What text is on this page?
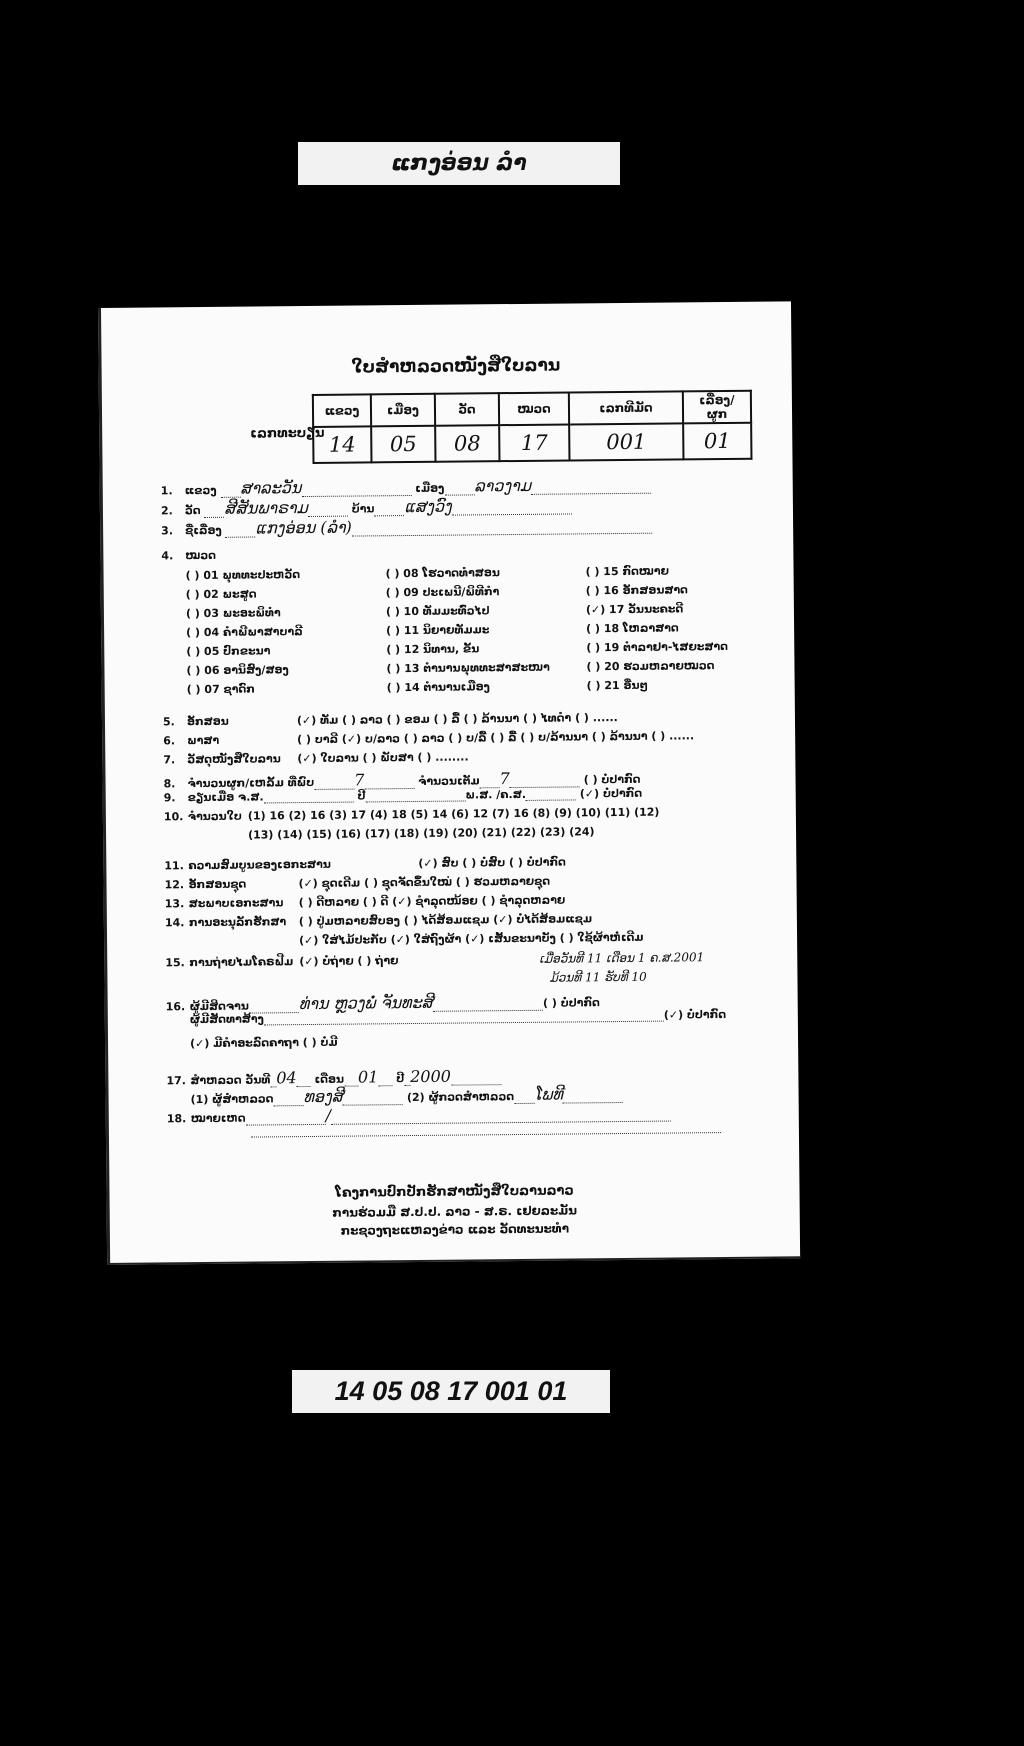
ແກງອ່ອນ ລຳ
ໃບສຳຫລວດໜັງສືໃບລານ
ເລກທະບຽນ
ແຂວງ	ເມືອງ	ວັດ	ໝວດ	ເລກທີມັດ	ເລື່ອງ/ຜູກ
14	05	08	17	001	01
1. ແຂວງ ສາລະວັນ	ເມືອງ ລາວງາມ
2. ວັດ ສີສັນພາຣາມ	ບ້ານ ແສງວົງ
3. ຊື່ເລື່ອງ ແກງອ່ອນ (ລຳ)
4. ໝວດ
( ) 01 ພຸທ​ທະປະຫວັດ
( ) 02 ພະສູດ
( ) 03 ພະອະພິທຳ
( ) 04 ຄຳພີພາສາບາລີ
( ) 05 ປົກຂະນາ
( ) 06 ອານິສົງ/ສອງ
( ) 07 ຊາດົກ
( ) 08 ໂຮວາດທຳສອນ
( ) 09 ປະເພນີ/ພິທີກຳ
( ) 10 ທັມມະທົ່ວໄປ
( ) 11 ນິຍາຍທັມມະ
( ) 12 ນິທານ, ຂັ້ນ
( ) 13 ຕຳນານພຸທທະສາສະໜາ
( ) 14 ຕຳນານເມືອງ
( ) 15 ກົດໝາຍ
( ) 16 ອັກສອນສາດ
(✓) 17 ວັນນະຄະດີ
( ) 18 ໂຫລາສາດ
( ) 19 ຕຳລາຢາ-ໄສຍະສາດ
( ) 20 ຮວມຫລາຍໝວດ
( ) 21 ອື່ນໆ
5. ອັກສອນ	(✓) ທັມ ( ) ລາວ ( ) ຂອມ ( ) ລື້ ( ) ລ້ານນາ ( ) ໄທດຳ ( ) ......
6. ພາສາ	( ) ບາລີ (✓) ບ/ລາວ ( ) ລາວ ( ) ບ/ລື້ ( ) ລື້ ( ) ບ/ລ້ານນາ ( ) ລ້ານນາ ( ) ......
7. ວັສດຸໜັງສືໃບລານ (✓) ໃບລານ ( ) ພັບສາ ( ) ........
8. ຈຳນວນຜູກ/ເຫລັ້ມ ທີ່ພົບ 7	ຈຳນວນເຕັມ 7	( ) ບໍ່ປາກົດ
9. ຂຽນເມື່ອ ຈ.ສ.	ປີ	ພ.ສ. /ຄ.ສ.	(✓) ບໍ່ປາກົດ
10. ຈຳນວນໃບ (1) 16 (2) 16 (3) 17 (4) 18 (5) 14 (6) 12 (7) 16 (8) (9) (10) (11) (12)
(13) (14) (15) (16) (17) (18) (19) (20) (21) (22) (23) (24)
11. ຄວາມສົມບູນຂອງເອກະສານ	(✓) ສົບ ( ) ບໍ່ສົບ ( ) ບໍ່ປາກົດ
12. ອັກສອນຊຸດ	(✓) ຊຸດເດີມ ( ) ຊຸດຈັດຂຶ້ນໃໝ່ ( ) ຮວມຫລາຍຊຸດ
13. ສະພາບເອກະສານ ( ) ດີຫລາຍ ( ) ດີ (✓) ຊຳລຸດໜ້ອຍ ( ) ຊຳລຸດຫລາຍ
14. ການອະນຸລັກຮັກສາ ( ) ປູ່ມຫລາຍສົບອງ ( ) ໄດ້ສ້ອມແຊມ (✓) ບໍ່ໄດ້ສ້ອມແຊມ
(✓) ໃສ່ໄມ້ປະກັບ (✓) ໃສ່ຖົງຜ້າ (✓) ເສັ້ນຂະນາບັງ ( ) ໃຊ້ຜ້າຫໍ່ເດີມ
15. ການຖ່າຍໄມໂຄຣຟີມ (✓) ບໍ່ຖ່າຍ ( ) ຖ່າຍ	ເມື່ອວັນທີ 11 ເດືອນ 1 ຄ.ສ.2001
ມ້ວນທີ 11 ຮັບທີ 10
16. ຜູ້ມີສິດຈານ	ທ່ານ ຫຼວງພໍ່ ຈັນທະສີ	( ) ບໍ່ປາກົດ
ຜູ້ມີສັດທາສ້າງ	(✓) ບໍ່ປາກົດ
(✓) ມີຄຳອະລົດຄາຖາ ( ) ບໍ່ມີ
17. ສຳຫລວດ ວັນທີ 04 ເດືອນ 01 ປີ 2000
(1) ຜູ້ສຳຫລວດ ທອງສີ	(2) ຜູ້ກວດສຳຫລວດ ໂພທີ
18. ໝາຍເຫດ	/
ໂຄງການປົກປັກຮັກສາໜັງສືໃບລານລາວ
ການຮ່ວມມື ສ.ປ.ປ. ລາວ - ສ.ຣ. ເຢຍລະມັນ
ກະຊວງຖະແຫລງຂ່າວ ແລະ ວັດທະນະທຳ
14 05 08 17 001 01
